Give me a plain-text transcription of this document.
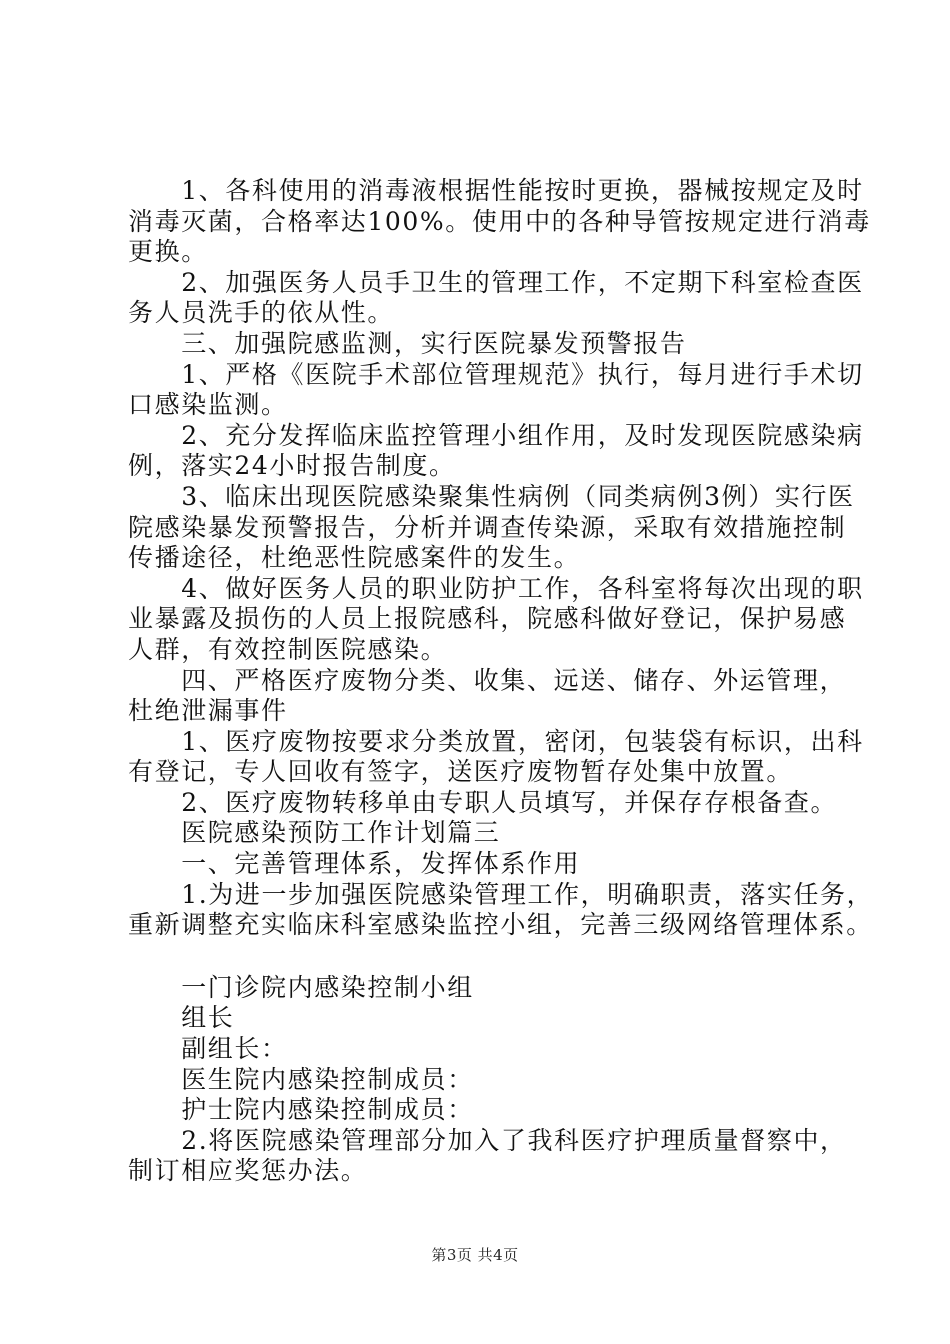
　　1、各科使用的消毒液根据性能按时更换，器械按规定及时
消毒灭菌，合格率达100%。使用中的各种导管按规定进行消毒
更换。
　　2、加强医务人员手卫生的管理工作，不定期下科室检查医
务人员洗手的依从性。
　　三、加强院感监测，实行医院暴发预警报告
　　1、严格《医院手术部位管理规范》执行，每月进行手术切
口感染监测。
　　2、充分发挥临床监控管理小组作用，及时发现医院感染病
例，落实24小时报告制度。
　　3、临床出现医院感染聚集性病例（同类病例3例）实行医
院感染暴发预警报告，分析并调查传染源，采取有效措施控制
传播途径，杜绝恶性院感案件的发生。
　　4、做好医务人员的职业防护工作，各科室将每次出现的职
业暴露及损伤的人员上报院感科，院感科做好登记，保护易感
人群，有效控制医院感染。
　　四、严格医疗废物分类、收集、远送、储存、外运管理，
杜绝泄漏事件
　　1、医疗废物按要求分类放置，密闭，包装袋有标识，出科
有登记，专人回收有签字，送医疗废物暂存处集中放置。
　　2、医疗废物转移单由专职人员填写，并保存存根备查。
　　医院感染预防工作计划篇三
　　一、完善管理体系，发挥体系作用
　　1.为进一步加强医院感染管理工作，明确职责，落实任务，
重新调整充实临床科室感染监控小组，完善三级网络管理体系。
　　一门诊院内感染控制小组
　　组长
　　副组长：
　　医生院内感染控制成员：
　　护士院内感染控制成员：
　　2.将医院感染管理部分加入了我科医疗护理质量督察中，
制订相应奖惩办法。
第3页 共4页
